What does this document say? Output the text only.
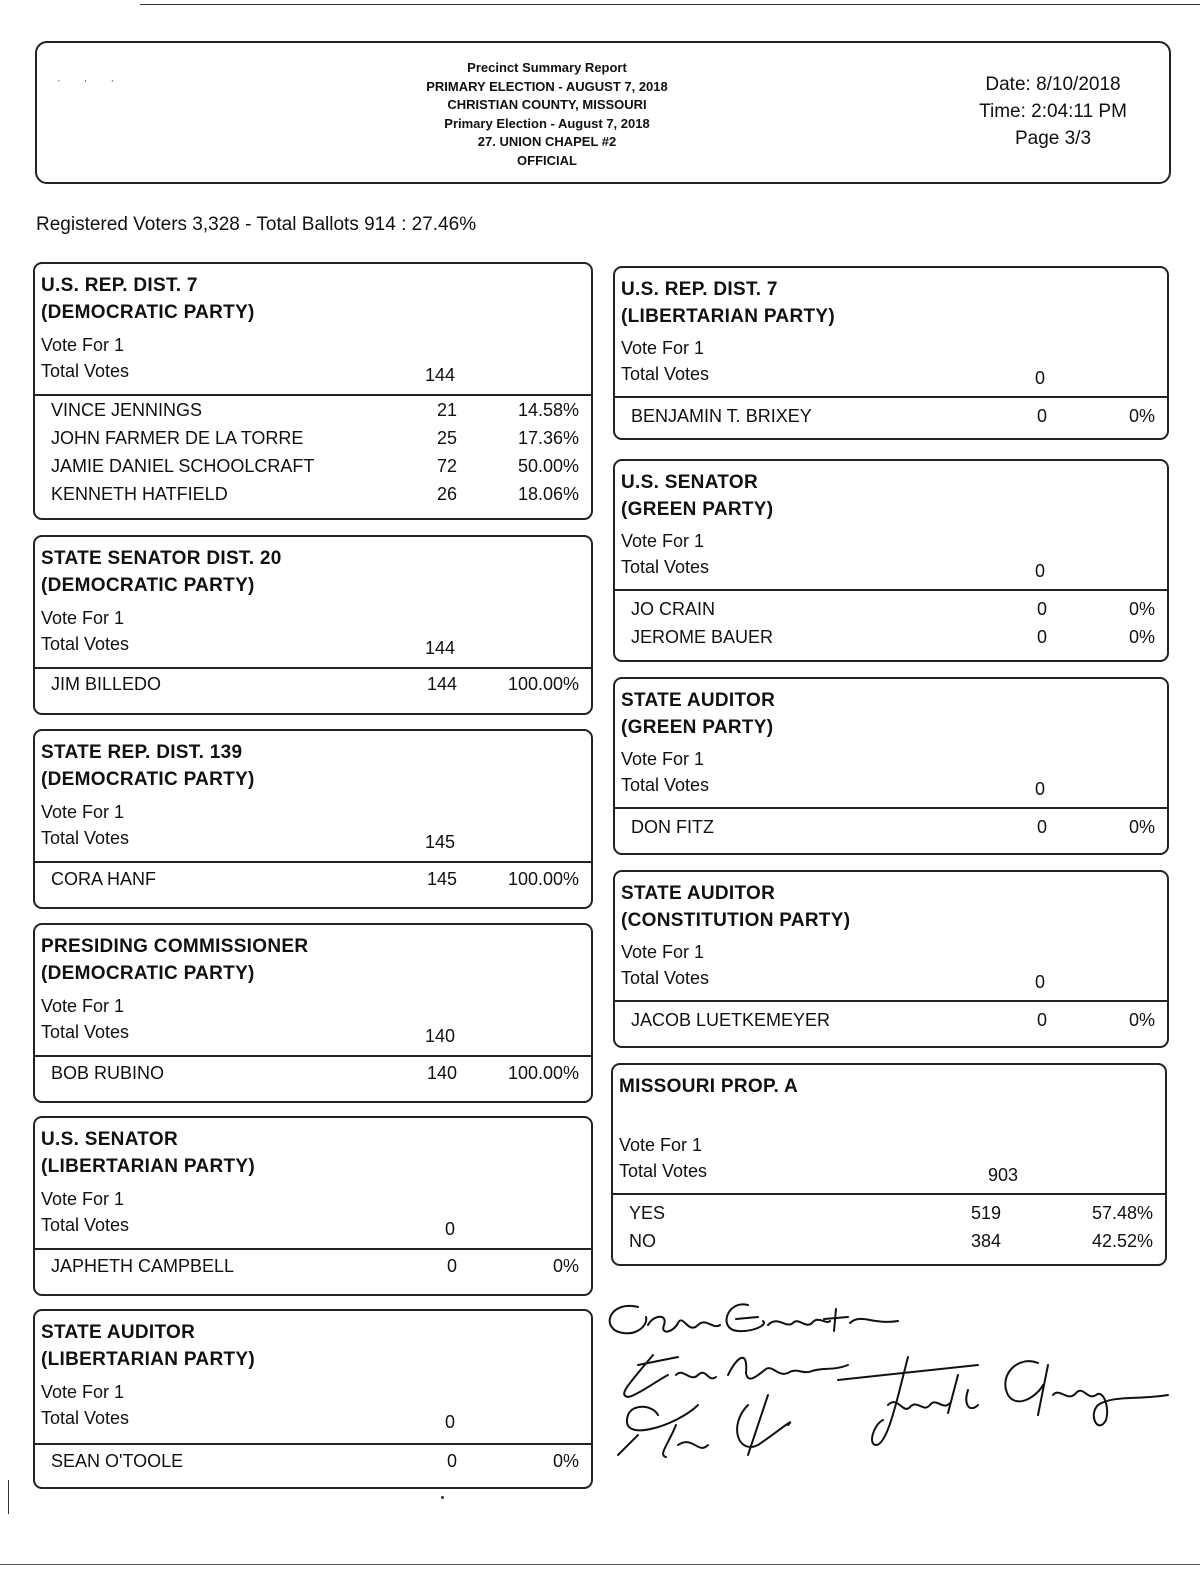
· · ·
Precinct Summary Report
PRIMARY ELECTION - AUGUST 7, 2018
CHRISTIAN COUNTY, MISSOURI
Primary Election - August 7, 2018
27. UNION CHAPEL #2
OFFICIAL
Date: 8/10/2018
Time: 2:04:11 PM
Page 3/3
Registered Voters 3,328 - Total Ballots 914 : 27.46%
U.S. REP. DIST. 7
(DEMOCRATIC PARTY)
Vote For 1
Total Votes	144
VINCE JENNINGS	21	14.58%
JOHN FARMER DE LA TORRE	25	17.36%
JAMIE DANIEL SCHOOLCRAFT	72	50.00%
KENNETH HATFIELD	26	18.06%
STATE SENATOR DIST. 20
(DEMOCRATIC PARTY)
Vote For 1
Total Votes	144
JIM BILLEDO	144	100.00%
STATE REP. DIST. 139
(DEMOCRATIC PARTY)
Vote For 1
Total Votes	145
CORA HANF	145	100.00%
PRESIDING COMMISSIONER
(DEMOCRATIC PARTY)
Vote For 1
Total Votes	140
BOB RUBINO	140	100.00%
U.S. SENATOR
(LIBERTARIAN PARTY)
Vote For 1
Total Votes	0
JAPHETH CAMPBELL	0	0%
STATE AUDITOR
(LIBERTARIAN PARTY)
Vote For 1
Total Votes	0
SEAN O'TOOLE	0	0%
U.S. REP. DIST. 7
(LIBERTARIAN PARTY)
Vote For 1
Total Votes	0
BENJAMIN T. BRIXEY	0	0%
U.S. SENATOR
(GREEN PARTY)
Vote For 1
Total Votes	0
JO CRAIN	0	0%
JEROME BAUER	0	0%
STATE AUDITOR
(GREEN PARTY)
Vote For 1
Total Votes	0
DON FITZ	0	0%
STATE AUDITOR
(CONSTITUTION PARTY)
Vote For 1
Total Votes	0
JACOB LUETKEMEYER	0	0%
MISSOURI PROP. A
Vote For 1
Total Votes	903
YES	519	57.48%
NO	384	42.52%
